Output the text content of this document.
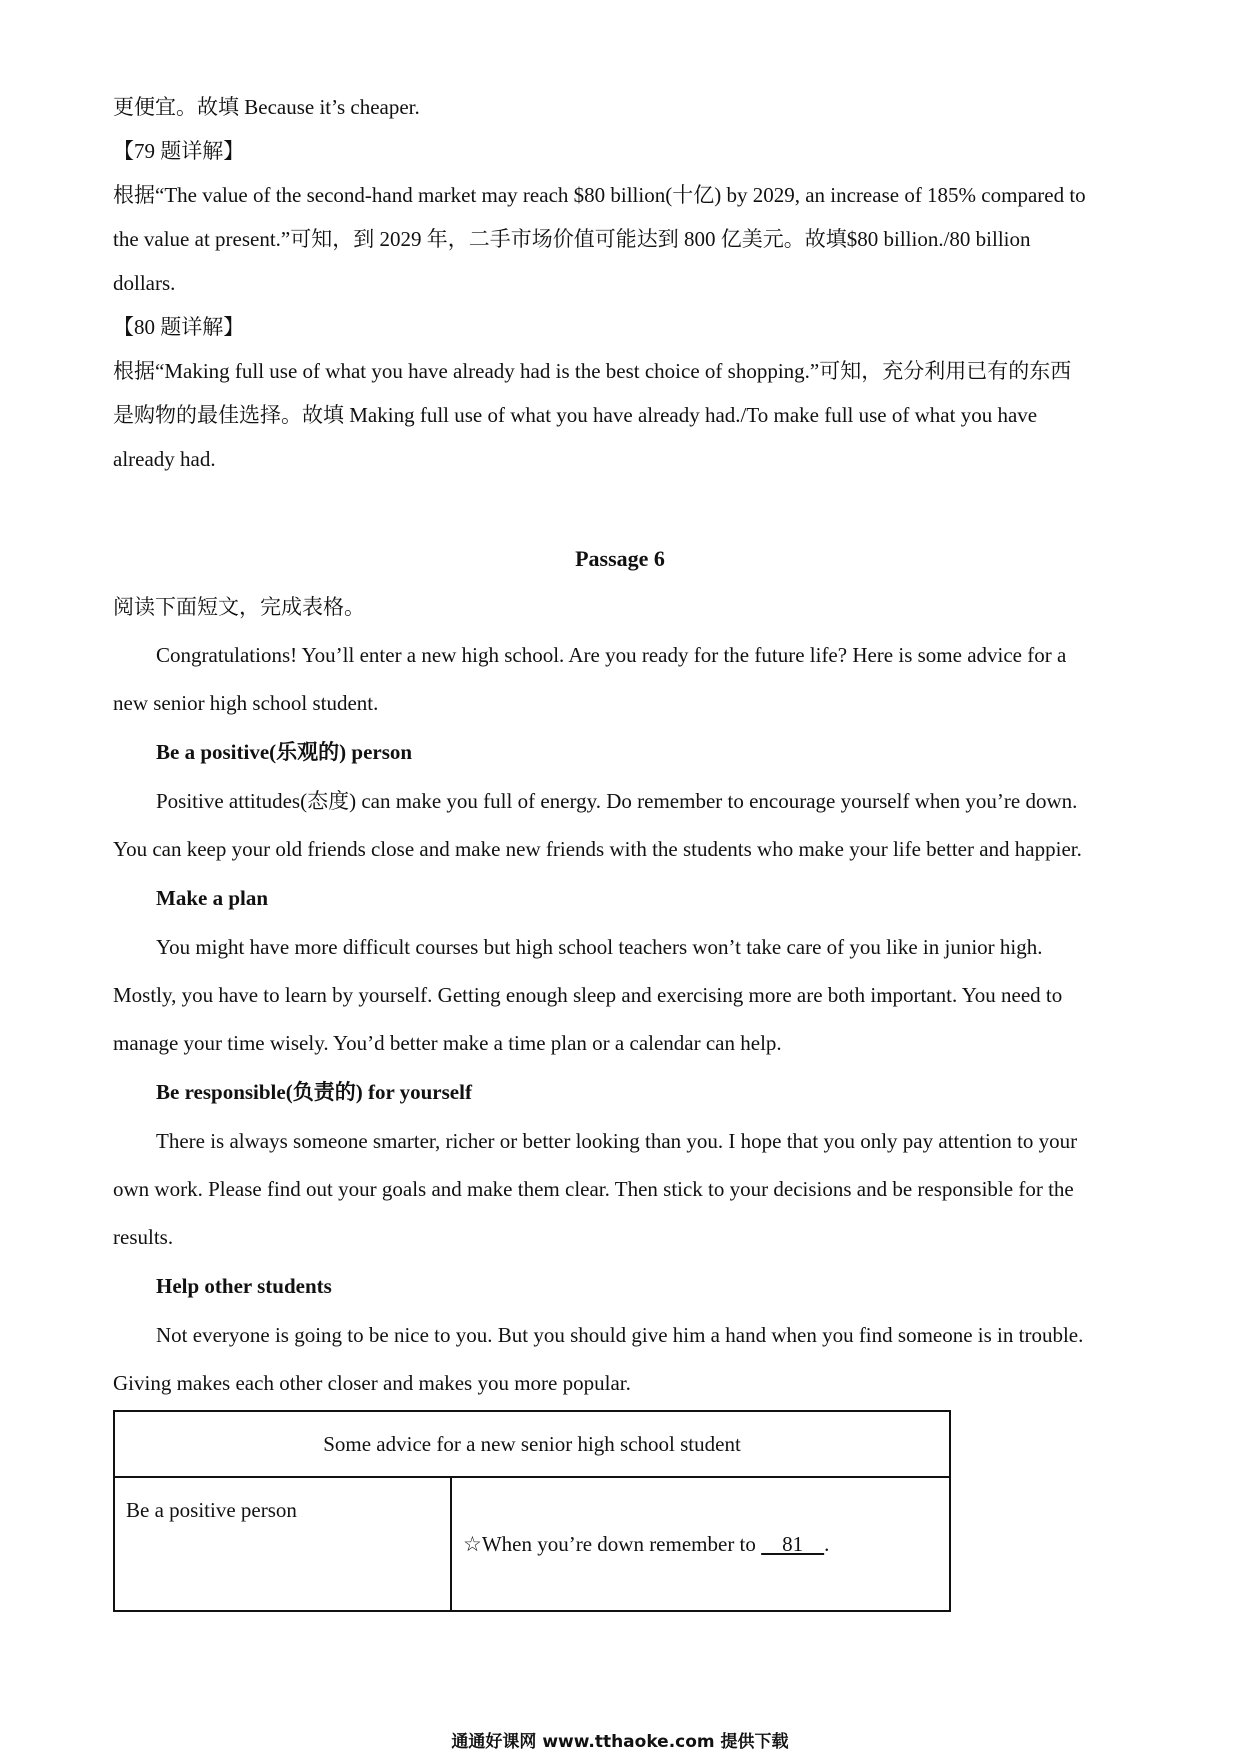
更便宜。故填 Because it’s cheaper.
【79 题详解】
根据“The value of the second-hand market may reach $80 billion(十亿) by 2029, an increase of 185% compared to
the value at present.”可知，到 2029 年，二手市场价值可能达到 800 亿美元。故填$80 billion./80 billion
dollars.
【80 题详解】
根据“Making full use of what you have already had is the best choice of shopping.”可知，充分利用已有的东西
是购物的最佳选择。故填 Making full use of what you have already had./To make full use of what you have
already had.
Passage 6
阅读下面短文，完成表格。
Congratulations! You’ll enter a new high school. Are you ready for the future life? Here is some advice for a
new senior high school student.
Be a positive(乐观的) person
Positive attitudes(态度) can make you full of energy. Do remember to encourage yourself when you’re down.
You can keep your old friends close and make new friends with the students who make your life better and happier.
Make a plan
You might have more difficult courses but high school teachers won’t take care of you like in junior high.
Mostly, you have to learn by yourself. Getting enough sleep and exercising more are both important. You need to
manage your time wisely. You’d better make a time plan or a calendar can help.
Be responsible(负责的) for yourself
There is always someone smarter, richer or better looking than you. I hope that you only pay attention to your
own work. Please find out your goals and make them clear. Then stick to your decisions and be responsible for the
results.
Help other students
Not everyone is going to be nice to you. But you should give him a hand when you find someone is in trouble.
Giving makes each other closer and makes you more popular.
Some advice for a new senior high school student
Be a positive person	☆When you’re down remember to     81    .
通通好课网 www.tthaoke.com 提供下载
